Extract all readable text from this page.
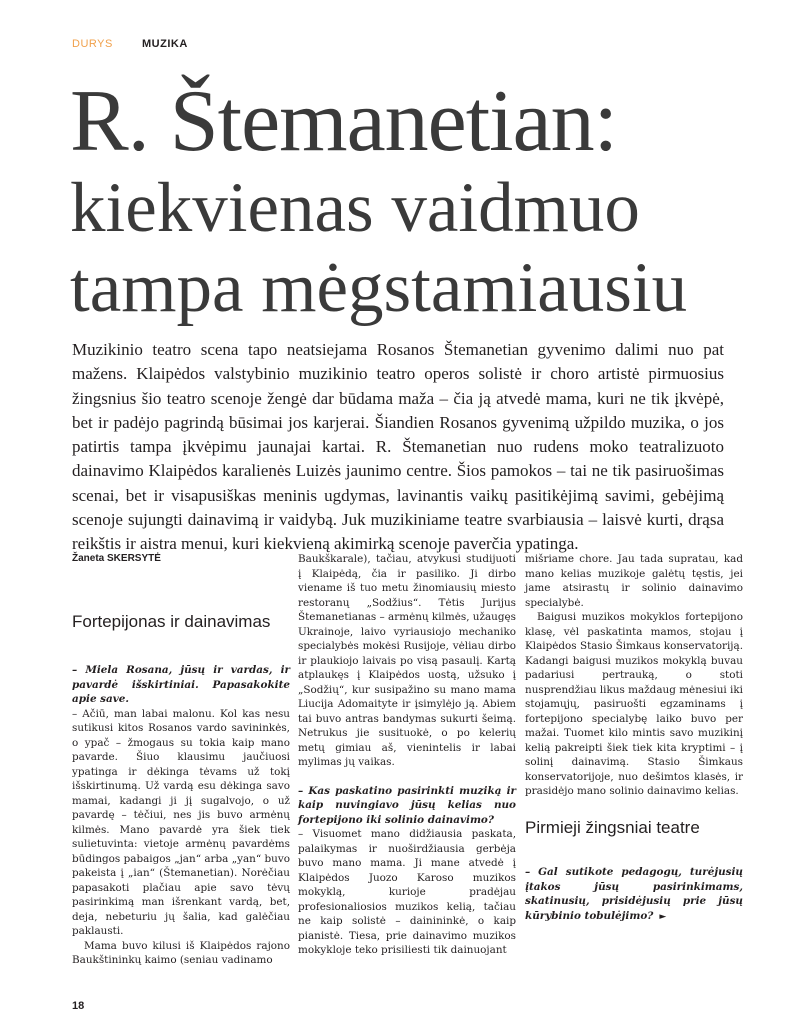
DURYS	MUZIKA
R. Štemanetian:
kiekvienas vaidmuo
tampa mėgstamiausiu

Muzikinio teatro scena tapo neatsiejama Rosanos Štemanetian gyvenimo dalimi nuo pat mažens. Klaipėdos valstybinio muzikinio teatro operos solistė ir choro artistė pirmuosius žingsnius šio teatro scenoje žengė dar būdama maža – čia ją atvedė mama, kuri ne tik įkvėpė, bet ir padėjo pagrindą būsimai jos karjerai. Šiandien Rosanos gyvenimą užpildo muzika, o jos patirtis tampa įkvėpimu jaunajai kartai. R. Štemanetian nuo rudens moko teatralizuoto dainavimo Klaipėdos karalienės Luizės jaunimo centre. Šios pamokos – tai ne tik pasiruošimas scenai, bet ir visapusiškas meninis ugdymas, lavinantis vaikų pasitikėjimą savimi, gebėjimą scenoje sujungti dainavimą ir vaidybą. Juk muzikiniame teatre svarbiausia – laisvė kurti, drąsa reikštis ir aistra menui, kuri kiekvieną akimirką scenoje paverčia ypatinga.

Žaneta SKERSYTĖ

Fortepijonas ir dainavimas

– Miela Rosana, jūsų ir vardas, ir pavardė išskirtiniai. Papasakokite apie save.

– Ačiū, man labai malonu. Kol kas nesu sutikusi kitos Rosanos vardo savininkės, o ypač – žmogaus su tokia kaip mano pavarde. Šiuo klausimu jaučiuosi ypatinga ir dėkinga tėvams už tokį išskirtinumą. Už vardą esu dėkinga savo mamai, kadangi ji jį sugalvojo, o už pavardę – tėčiui, nes jis buvo armėnų kilmės. Mano pavardė yra šiek tiek sulietuvinta: vietoje armėnų pavardėms būdingos pabaigos „jan“ arba „yan“ buvo pakeista į „ian“ (Štemanetian). Norėčiau papasakoti plačiau apie savo tėvų pasirinkimą man išrenkant vardą, bet, deja, nebeturiu jų šalia, kad galėčiau paklausti.

Mama buvo kilusi iš Klaipėdos rajono Baukštininkų kaimo (seniau vadinamo

Baukškarale), tačiau, atvykusi studijuoti į Klaipėdą, čia ir pasiliko. Ji dirbo viename iš tuo metu žinomiausių miesto restoranų „Sodžius“. Tėtis Jurijus Štemanetianas – armėnų kilmės, užaugęs Ukrainoje, laivo vyriausiojo mechaniko specialybės mokėsi Rusijoje, vėliau dirbo ir plaukiojo laivais po visą pasaulį. Kartą atplaukęs į Klaipėdos uostą, užsuko į „Sodžių“, kur susipažino su mano mama Liucija Adomaityte ir įsimylėjo ją. Abiem tai buvo antras bandymas sukurti šeimą. Netrukus jie susituokė, o po kelerių metų gimiau aš, vienintelis ir labai mylimas jų vaikas.

– Kas paskatino pasirinkti muziką ir kaip nuvingiavo jūsų kelias nuo fortepijono iki solinio dainavimo?

– Visuomet mano didžiausia paskata, palaikymas ir nuoširdžiausia gerbėja buvo mano mama. Ji mane atvedė į Klaipėdos Juozo Karoso muzikos mokyklą, kurioje pradėjau profesionaliosios muzikos kelią, tačiau ne kaip solistė – dainininkė, o kaip pianistė. Tiesa, prie dainavimo muzikos mokykloje teko prisiliesti tik dainuojant

mišriame chore. Jau tada supratau, kad mano kelias muzikoje galėtų tęstis, jei jame atsirastų ir solinio dainavimo specialybė.

Baigusi muzikos mokyklos fortepijono klasę, vėl paskatinta mamos, stojau į Klaipėdos Stasio Šimkaus konservatoriją. Kadangi baigusi muzikos mokyklą buvau padariusi pertrauką, o stoti nusprendžiau likus maždaug mėnesiui iki stojamųjų, pasiruošti egzaminams į fortepijono specialybę laiko buvo per mažai. Tuomet kilo mintis savo muzikinį kelią pakreipti šiek tiek kita kryptimi – į solinį dainavimą. Stasio Šimkaus konservatorijoje, nuo dešimtos klasės, ir prasidėjo mano solinio dainavimo kelias.

Pirmieji žingsniai teatre

– Gal sutikote pedagogų, turėjusių įtakos jūsų pasirinkimams, skatinusių, prisidėjusių prie jūsų kūrybinio tobulėjimo? ►

18
